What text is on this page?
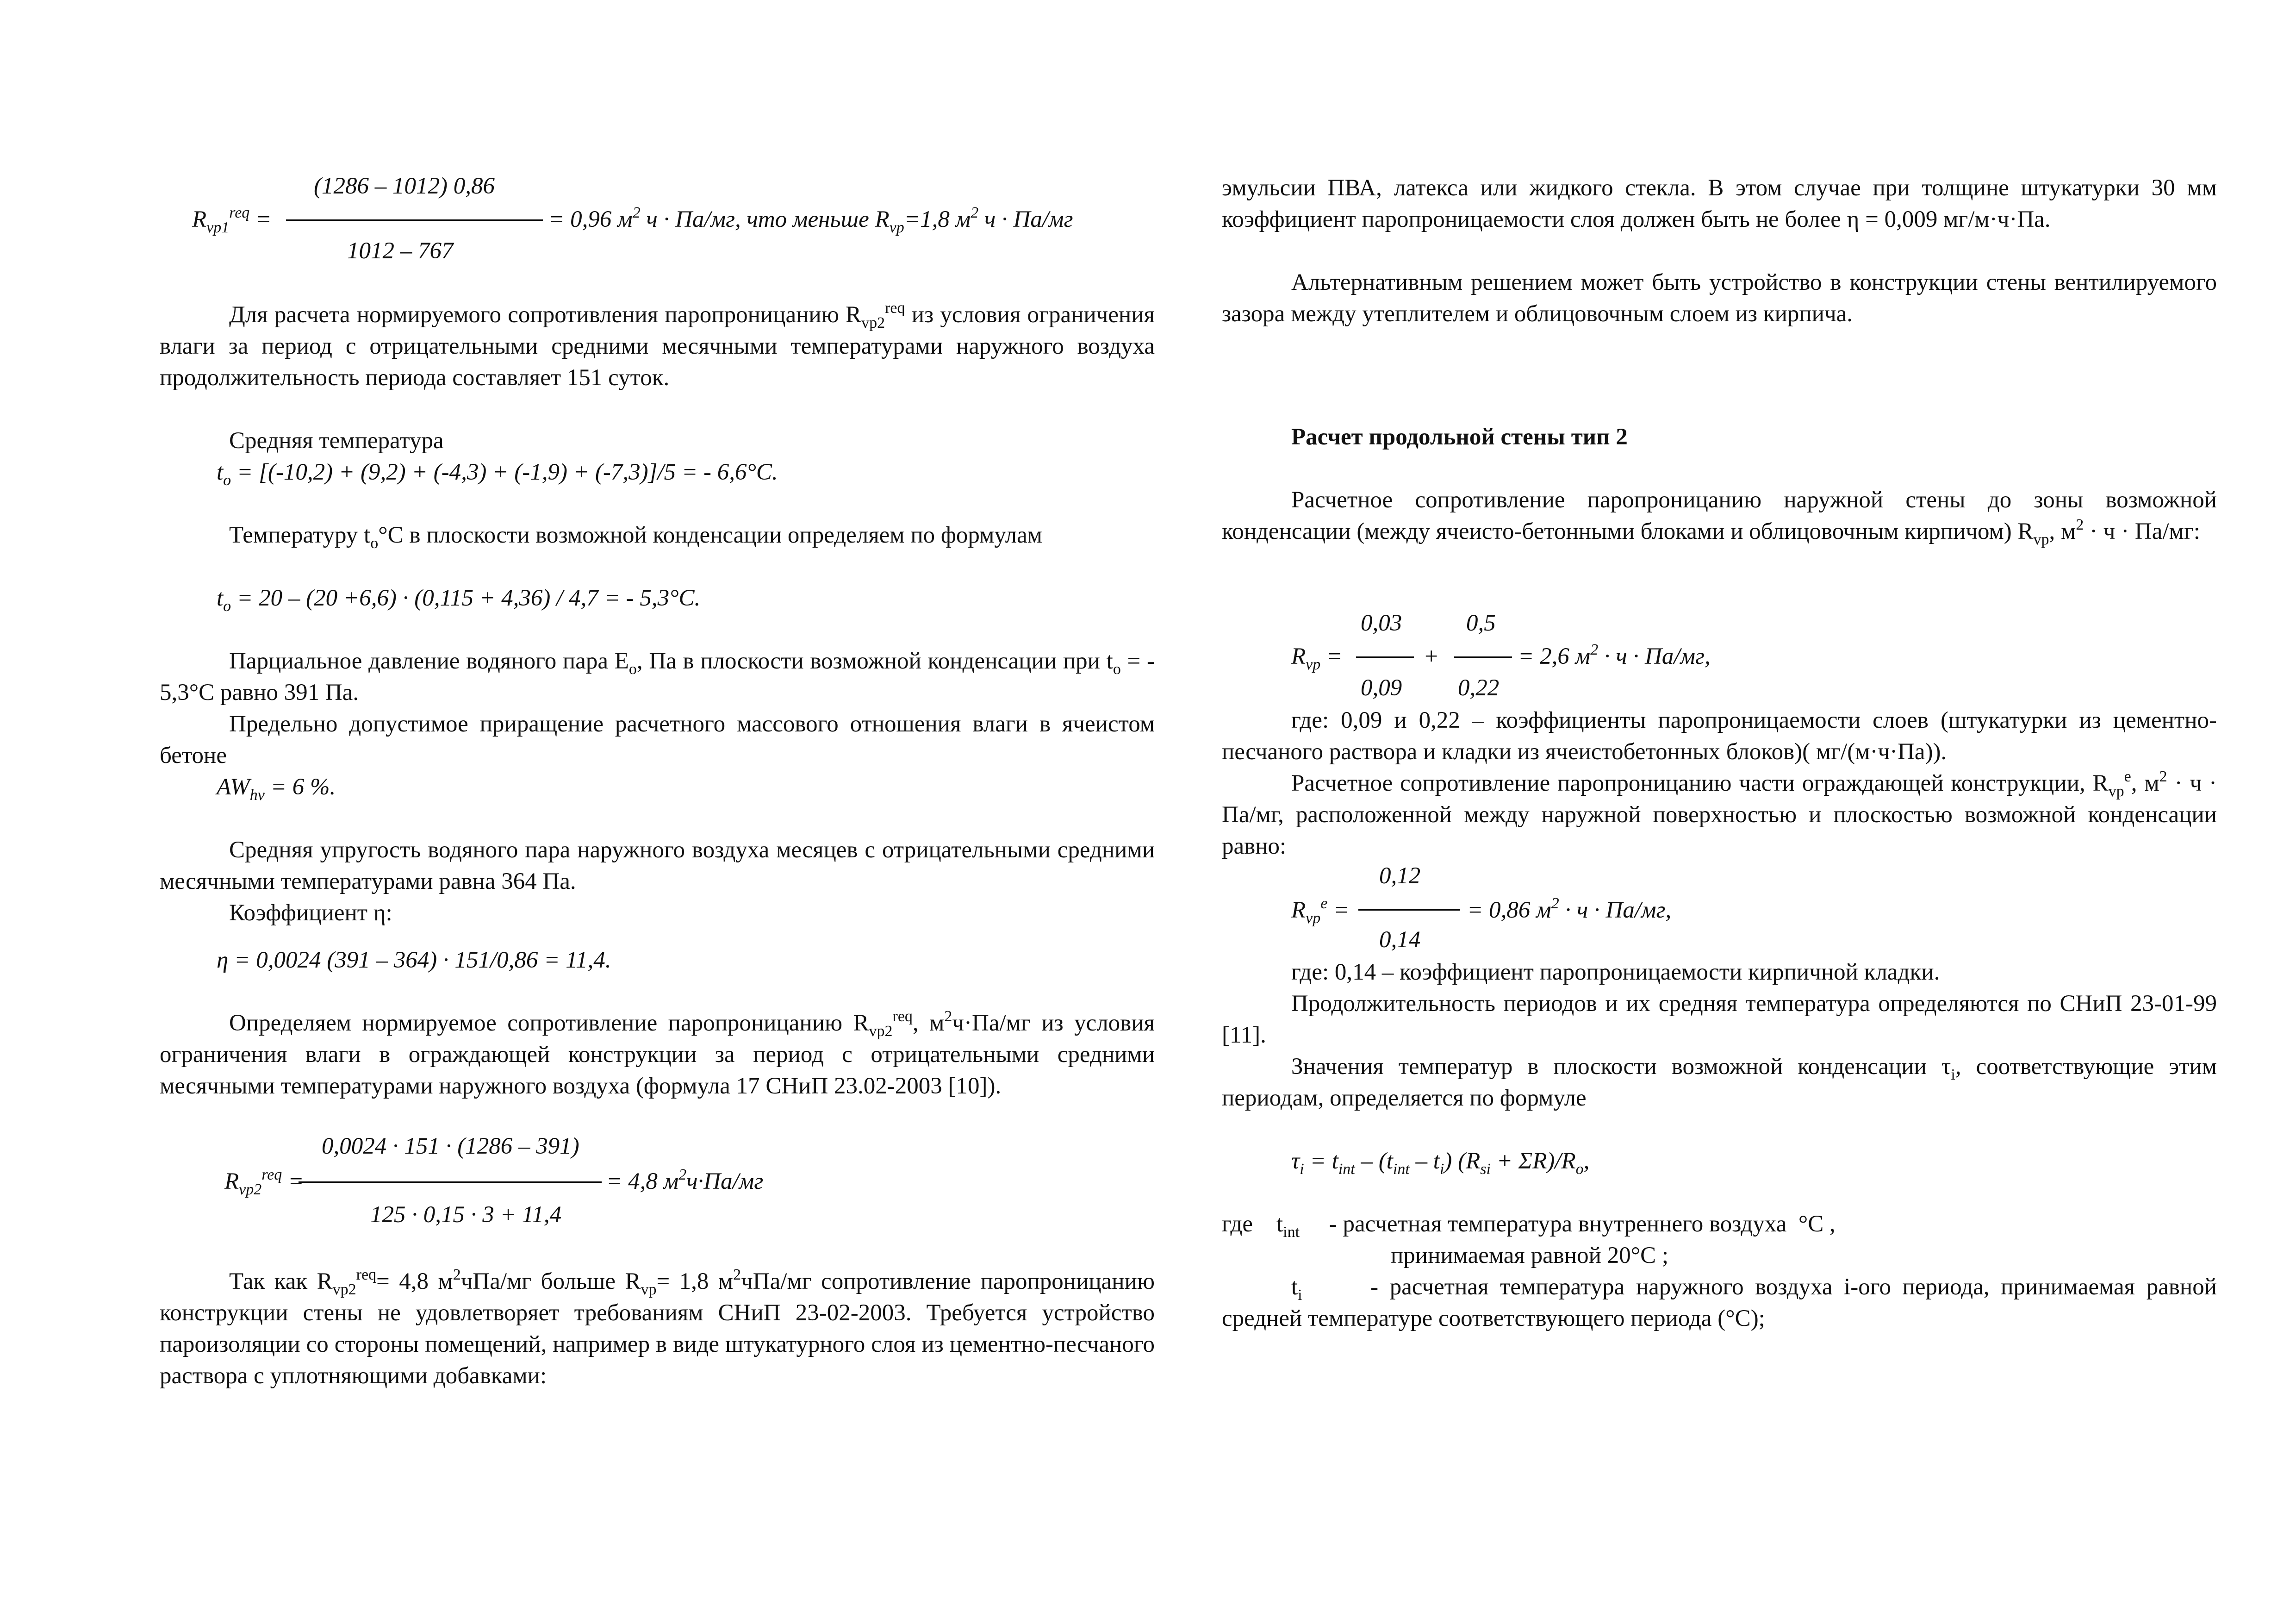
(1286 – 1012) 0,86
$R_{vp1}^{req}$ =	= 0,96 $м^2$ ч · Па/мг, что меньше $R_{vp}=1,8$ $м^2$ ч · Па/мг
1012 – 767
Для расчета нормируемого сопротивления паропроницанию $R_{vp2}^{req}$ из условия ограничения влаги за период с отрицательными средними месячными температурами наружного воздуха продолжительность периода составляет 151 суток.
Средняя температура
$t_o = [(-10,2) + (9,2) + (-4,3) + (-1,9) + (-7,3)]/5$ = - 6,6°С.
Температуру $t_o^\circ С$ в плоскости возможной конденсации определяем по формулам
$t_o = 20 - (20 +6,6) \cdot (0,115 + 4,36) / 4,7$ = - 5,3°С.
Парциальное давление водяного пара $E_o$, Па в плоскости возможной конденсации при $t_o$ = - 5,3°С равно 391 Па.
Предельно допустимое приращение расчетного массового отношения влаги в ячеистом бетоне
$AW_{hv} = 6$ %.
Средняя упругость водяного пара наружного воздуха месяцев с отрицательными средними месячными температурами равна 364 Па.
Коэффициент η:
η = 0,0024 (391 – 364) · 151/0,86 = 11,4.
Определяем нормируемое сопротивление паропроницанию $R_{vp2}^{req}$, $м^2ч\cdot Па/мг$ из условия ограничения влаги в ограждающей конструкции за период с отрицательными средними месячными температурами наружного воздуха (формула 17 СНиП 23.02-2003 [10]).
0,0024 · 151 · (1286 – 391)
$R_{vp2}^{req}$ =	= 4,8 $м^2ч\cdot Па/мг$
125 · 0,15 · 3 + 11,4
Так как $R_{vp2}^{req}= 4,8$ $м^2чПа/мг$ больше $R_{vp}= 1,8$ $м^2чПа/мг$ сопротивление паропроницанию конструкции стены не удовлетворяет требованиям СНиП 23-02-2003. Требуется устройство пароизоляции со стороны помещений, например в виде штукатурного слоя из цементно-песчаного раствора с уплотняющими добавками:
эмульсии ПВА, латекса или жидкого стекла. В этом случае при толщине штукатурки 30 мм коэффициент паропроницаемости слоя должен быть не более η = 0,009 мг/м·ч·Па.
Альтернативным решением может быть устройство в конструкции стены вентилируемого зазора между утеплителем и облицовочным слоем из кирпича.
Расчет продольной стены тип 2
Расчетное сопротивление паропроницанию наружной стены до зоны возможной конденсации (между ячеисто-бетонными блоками и облицовочным кирпичом) $R_{vp}$, $м^2 \cdot ч \cdot Па/мг$:
0,03
0,09
$R_{vp}$ =	+
0,5
0,22
= 2,6 $м^2 \cdot ч \cdot Па/мг$,
где: 0,09 и 0,22 – коэффициенты паропроницаемости слоев (штукатурки из цементно-песчаного раствора и кладки из ячеистобетонных блоков)( мг/(м·ч·Па)).
Расчетное сопротивление паропроницанию части ограждающей конструкции, $R_{vp}^e$, $м^2 \cdot ч \cdot Па/мг$, расположенной между наружной поверхностью и плоскостью возможной конденсации равно:
0,12
$R_{vp}^e$ =	= 0,86 $м^2 \cdot ч \cdot Па/мг$,
0,14
где: 0,14 – коэффициент паропроницаемости кирпичной кладки.
Продолжительность периодов и их средняя температура определяются по СНиП 23-01-99 [11].
Значения температур в плоскости возможной конденсации $\tau_i$, соответствующие этим периодам, определяется по формуле
$\tau_i = t_{int} - (t_{int} - t_i) (R_{si} + \Sigma R)/R_o$,
где    $t_{int}$     - расчетная температура внутреннего воздуха  °С ,
принимаемая равной 20°С ;
$t_i$      - расчетная температура наружного воздуха i-ого периода, принимаемая равной средней температуре соответствующего периода (°С);
